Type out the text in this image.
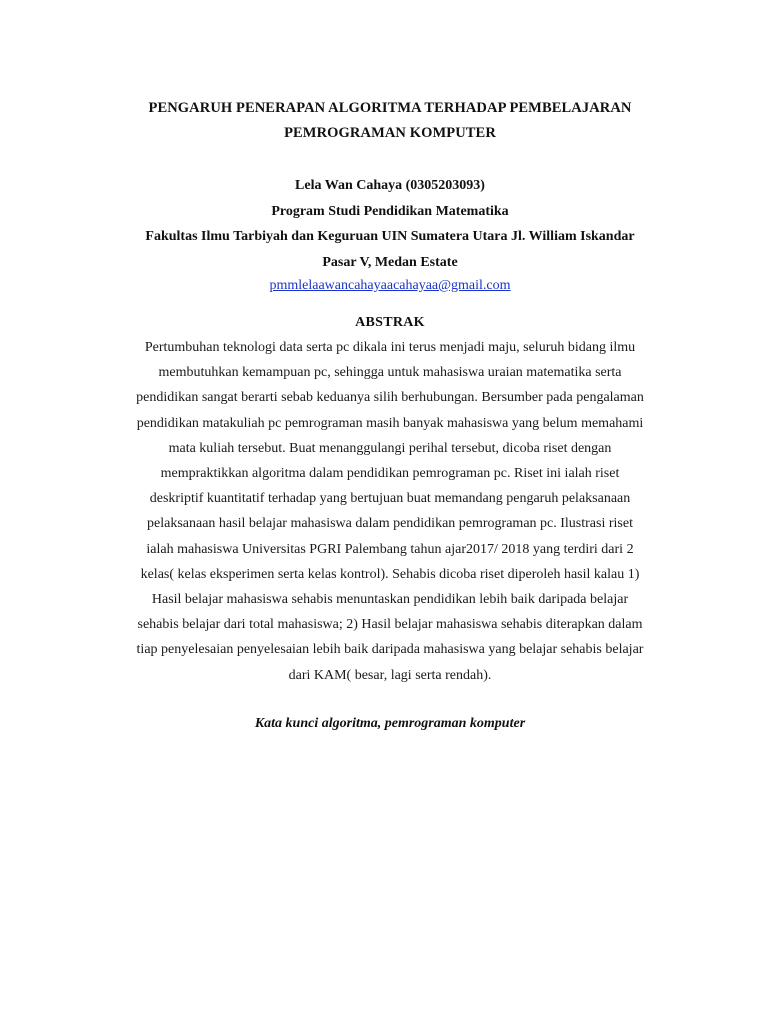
PENGARUH PENERAPAN ALGORITMA TERHADAP PEMBELAJARAN
PEMROGRAMAN KOMPUTER
Lela Wan Cahaya (0305203093)
Program Studi Pendidikan Matematika
Fakultas Ilmu Tarbiyah dan Keguruan UIN Sumatera Utara Jl. William Iskandar
Pasar V, Medan Estate
pmmlelaawancahayaacahayaa@gmail.com
ABSTRAK
Pertumbuhan teknologi data serta pc dikala ini terus menjadi maju, seluruh bidang ilmu
membutuhkan kemampuan pc, sehingga untuk mahasiswa uraian matematika serta
pendidikan sangat berarti sebab keduanya silih berhubungan. Bersumber pada pengalaman
pendidikan matakuliah pc pemrograman masih banyak mahasiswa yang belum memahami
mata kuliah tersebut. Buat menanggulangi perihal tersebut, dicoba riset dengan
mempraktikkan algoritma dalam pendidikan pemrograman pc. Riset ini ialah riset
deskriptif kuantitatif terhadap yang bertujuan buat memandang pengaruh pelaksanaan
pelaksanaan hasil belajar mahasiswa dalam pendidikan pemrograman pc. Ilustrasi riset
ialah mahasiswa Universitas PGRI Palembang tahun ajar2017/ 2018 yang terdiri dari 2
kelas( kelas eksperimen serta kelas kontrol). Sehabis dicoba riset diperoleh hasil kalau 1)
Hasil belajar mahasiswa sehabis menuntaskan pendidikan lebih baik daripada belajar
sehabis belajar dari total mahasiswa; 2) Hasil belajar mahasiswa sehabis diterapkan dalam
tiap penyelesaian penyelesaian lebih baik daripada mahasiswa yang belajar sehabis belajar
dari KAM( besar, lagi serta rendah).
Kata kunci algoritma, pemrograman komputer
